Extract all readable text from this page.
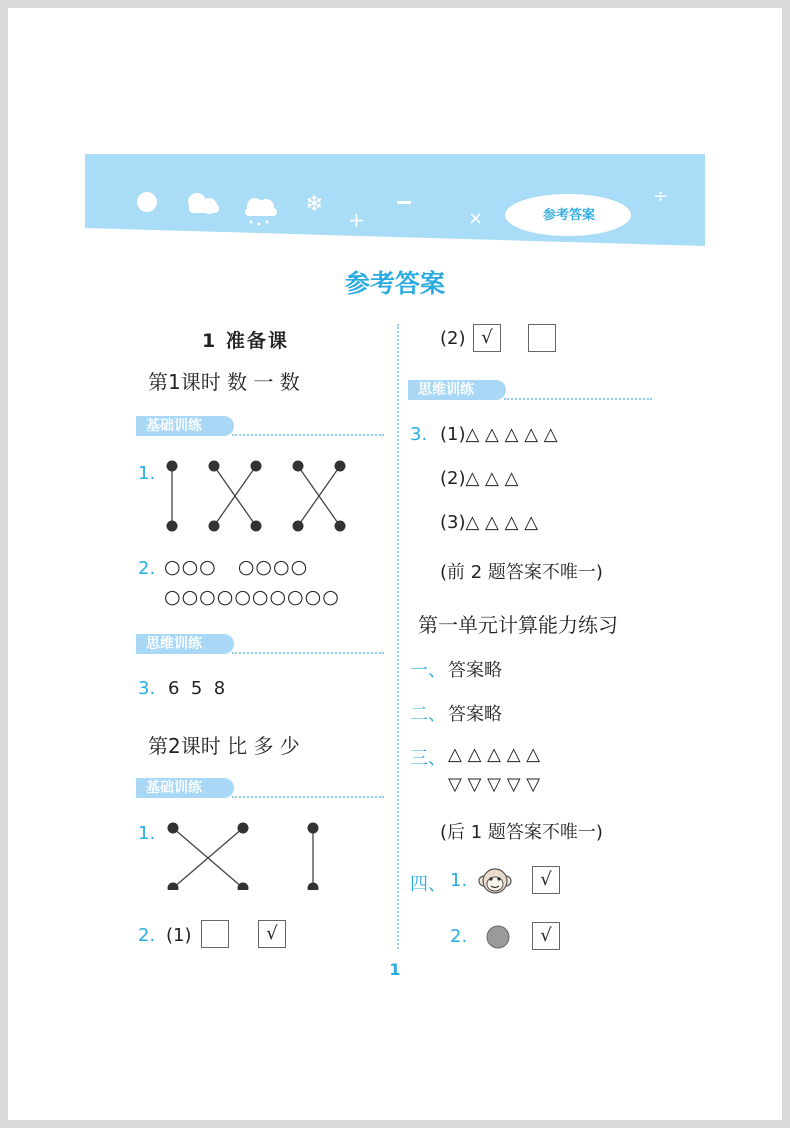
❄
+	×
÷
参考答案
参考答案
1 准备课
第1课时 数 一 数
基础训练
1.
2. ○○○   ○○○○
○○○○○○○○○○
思维训练
3. 6  5  8
第2课时 比 多 少
基础训练
1.
2. (1)	√
(2) √
思维训练
3. (1)△ △ △ △ △
(2)△ △ △
(3)△ △ △ △
(前 2 题答案不唯一)
第一单元计算能力练习
一、 答案略
二、 答案略
三、 △ △ △ △ △
▽ ▽ ▽ ▽ ▽
(后 1 题答案不唯一)
四、 1.	√
2.	√
1
